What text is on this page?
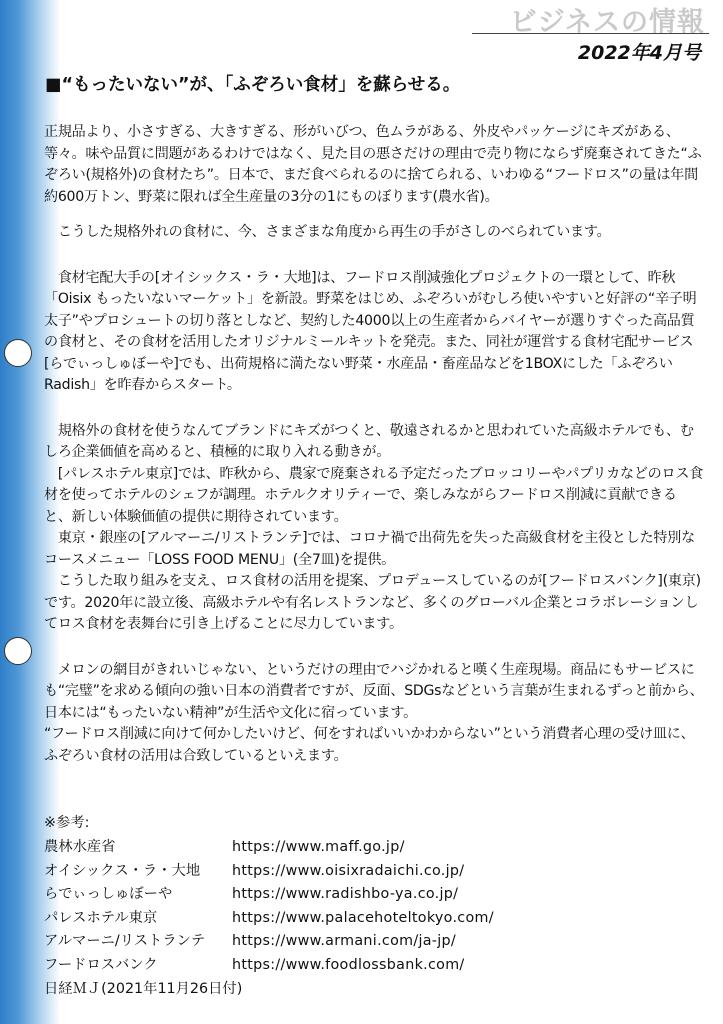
ビジネスの情報
2022年4月号
■“もったいない”が、「ふぞろい食材」を蘇らせる。

正規品より、小さすぎる、大きすぎる、形がいびつ、色ムラがある、外皮やパッケージにキズがある、等々。味や品質に問題があるわけではなく、見た目の悪さだけの理由で売り物にならず廃棄されてきた“ふぞろい(規格外)の食材たち”。日本で、まだ食べられるのに捨てられる、いわゆる“フードロス”の量は年間約600万トン、野菜に限れば全生産量の3分の1にものぼります(農水省)。

　こうした規格外れの食材に、今、さまざまな角度から再生の手がさしのべられています。

　食材宅配大手の[オイシックス・ラ・大地]は、フードロス削減強化プロジェクトの一環として、昨秋「Oisix もったいないマーケット」を新設。野菜をはじめ、ふぞろいがむしろ使いやすいと好評の“辛子明太子”やプロシュートの切り落としなど、契約した4000以上の生産者からバイヤーが選りすぐった高品質の食材と、その食材を活用したオリジナルミールキットを発売。また、同社が運営する食材宅配サービス[らでぃっしゅぼーや]でも、出荷規格に満たない野菜・水産品・畜産品などを1BOXにした「ふぞろいRadish」を昨春からスタート。

　規格外の食材を使うなんてブランドにキズがつくと、敬遠されるかと思われていた高級ホテルでも、むしろ企業価値を高めると、積極的に取り入れる動きが。

　[パレスホテル東京]では、昨秋から、農家で廃棄される予定だったブロッコリーやパプリカなどのロス食材を使ってホテルのシェフが調理。ホテルクオリティーで、楽しみながらフードロス削減に貢献できると、新しい体験価値の提供に期待されています。

　東京・銀座の[アルマーニ/リストランテ]では、コロナ禍で出荷先を失った高級食材を主役とした特別なコースメニュー「LOSS FOOD MENU」(全7皿)を提供。

　こうした取り組みを支え、ロス食材の活用を提案、プロデュースしているのが[フードロスバンク](東京)です。2020年に設立後、高級ホテルや有名レストランなど、多くのグローバル企業とコラボレーションしてロス食材を表舞台に引き上げることに尽力しています。

　メロンの網目がきれいじゃない、というだけの理由でハジかれると嘆く生産現場。商品にもサービスにも“完璧”を求める傾向の強い日本の消費者ですが、反面、SDGsなどという言葉が生まれるずっと前から、日本には“もったいない精神”が生活や文化に宿っています。

“フードロス削減に向けて何かしたいけど、何をすればいいかわからない”という消費者心理の受け皿に、ふぞろい食材の活用は合致しているといえます。

※参考:
農林水産省	https://www.maff.go.jp/
オイシックス・ラ・大地	https://www.oisixradaichi.co.jp/
らでぃっしゅぼーや	https://www.radishbo-ya.co.jp/
パレスホテル東京	https://www.palacehoteltokyo.com/
アルマーニ/リストランテ	https://www.armani.com/ja-jp/
フードロスバンク	https://www.foodlossbank.com/
日経ＭＪ(2021年11月26日付)
